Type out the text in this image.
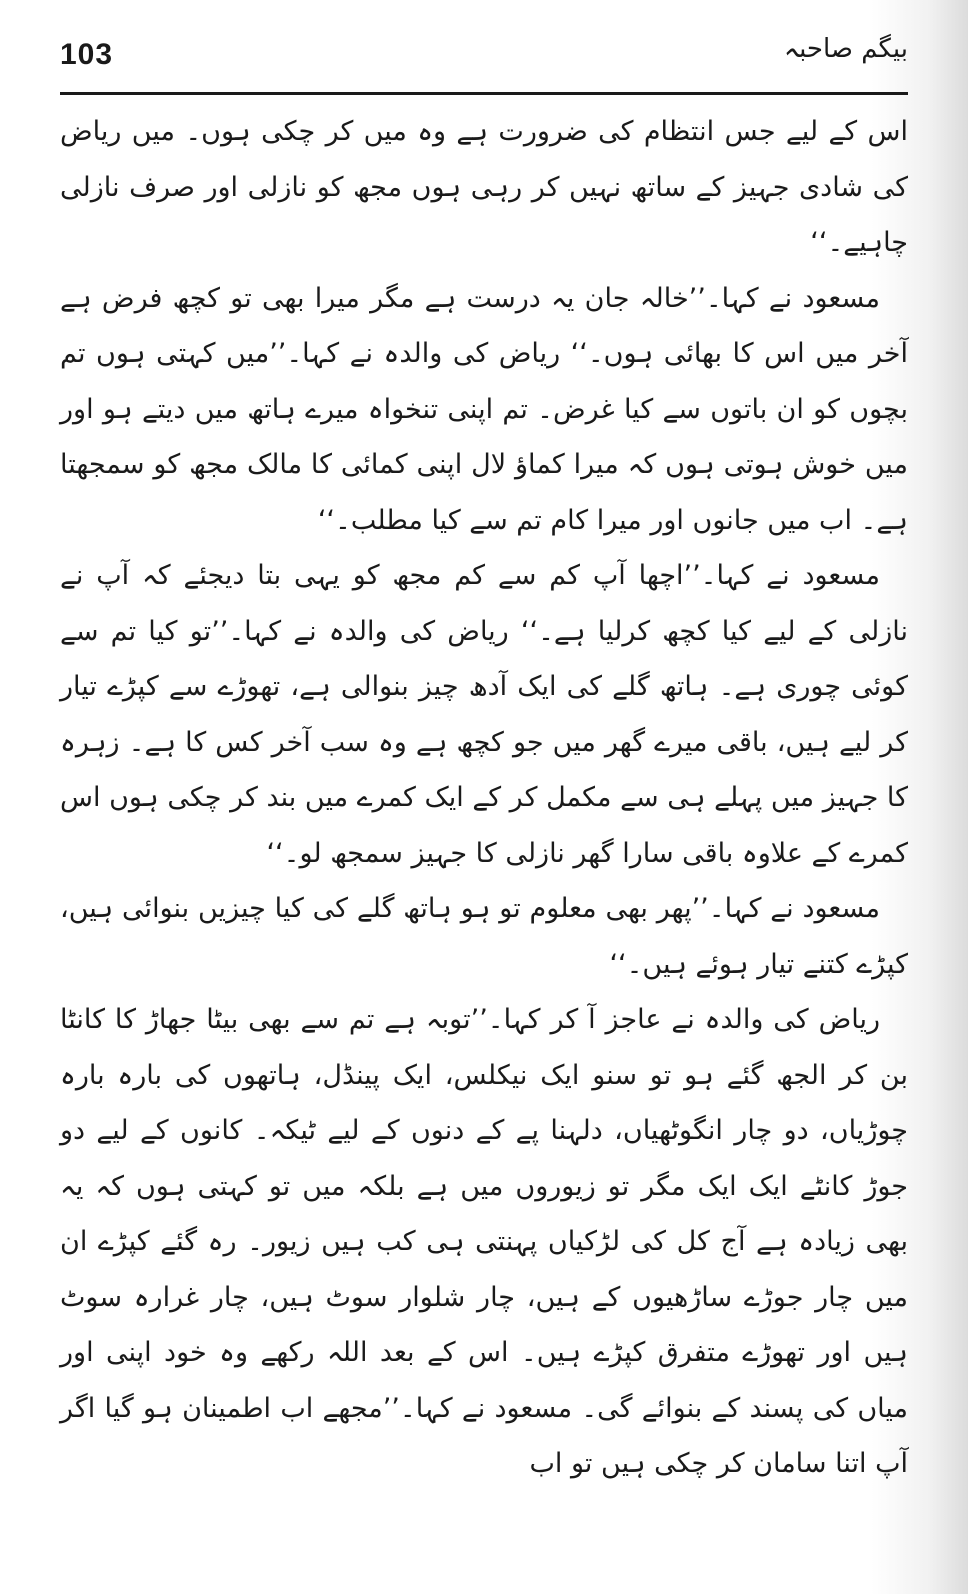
103	بیگم صاحبہ

اس کے لیے جس انتظام کی ضرورت ہے وہ میں کر چکی ہوں۔ میں ریاض کی شادی جہیز کے ساتھ نہیں کر رہی ہوں مجھ کو نازلی اور صرف نازلی چاہیے۔‘‘

مسعود نے کہا۔’’خالہ جان یہ درست ہے مگر میرا بھی تو کچھ فرض ہے آخر میں اس کا بھائی ہوں۔‘‘ ریاض کی والدہ نے کہا۔’’میں کہتی ہوں تم بچوں کو ان باتوں سے کیا غرض۔ تم اپنی تنخواہ میرے ہاتھ میں دیتے ہو اور میں خوش ہوتی ہوں کہ میرا کماؤ لال اپنی کمائی کا مالک مجھ کو سمجھتا ہے۔ اب میں جانوں اور میرا کام تم سے کیا مطلب۔‘‘

مسعود نے کہا۔’’اچھا آپ کم سے کم مجھ کو یہی بتا دیجئے کہ آپ نے نازلی کے لیے کیا کچھ کرلیا ہے۔‘‘ ریاض کی والدہ نے کہا۔’’تو کیا تم سے کوئی چوری ہے۔ ہاتھ گلے کی ایک آدھ چیز بنوالی ہے، تھوڑے سے کپڑے تیار کر لیے ہیں، باقی میرے گھر میں جو کچھ ہے وہ سب آخر کس کا ہے۔ زہرہ کا جہیز میں پہلے ہی سے مکمل کر کے ایک کمرے میں بند کر چکی ہوں اس کمرے کے علاوہ باقی سارا گھر نازلی کا جہیز سمجھ لو۔‘‘

مسعود نے کہا۔’’پھر بھی معلوم تو ہو ہاتھ گلے کی کیا چیزیں بنوائی ہیں، کپڑے کتنے تیار ہوئے ہیں۔‘‘

ریاض کی والدہ نے عاجز آ کر کہا۔’’توبہ ہے تم سے بھی بیٹا جھاڑ کا کانٹا بن کر الجھ گئے ہو تو سنو ایک نیکلس، ایک پینڈل، ہاتھوں کی بارہ بارہ چوڑیاں، دو چار انگوٹھیاں، دلہنا پے کے دنوں کے لیے ٹیکہ۔ کانوں کے لیے دو جوڑ کانٹے ایک ایک مگر تو زیوروں میں ہے بلکہ میں تو کہتی ہوں کہ یہ بھی زیادہ ہے آج کل کی لڑکیاں پہنتی ہی کب ہیں زیور۔ رہ گئے کپڑے ان میں چار جوڑے ساڑھیوں کے ہیں، چار شلوار سوٹ ہیں، چار غرارہ سوٹ ہیں اور تھوڑے متفرق کپڑے ہیں۔ اس کے بعد اللہ رکھے وہ خود اپنی اور میاں کی پسند کے بنوائے گی۔ مسعود نے کہا۔’’مجھے اب اطمینان ہو گیا اگر آپ اتنا سامان کر چکی ہیں تو اب
